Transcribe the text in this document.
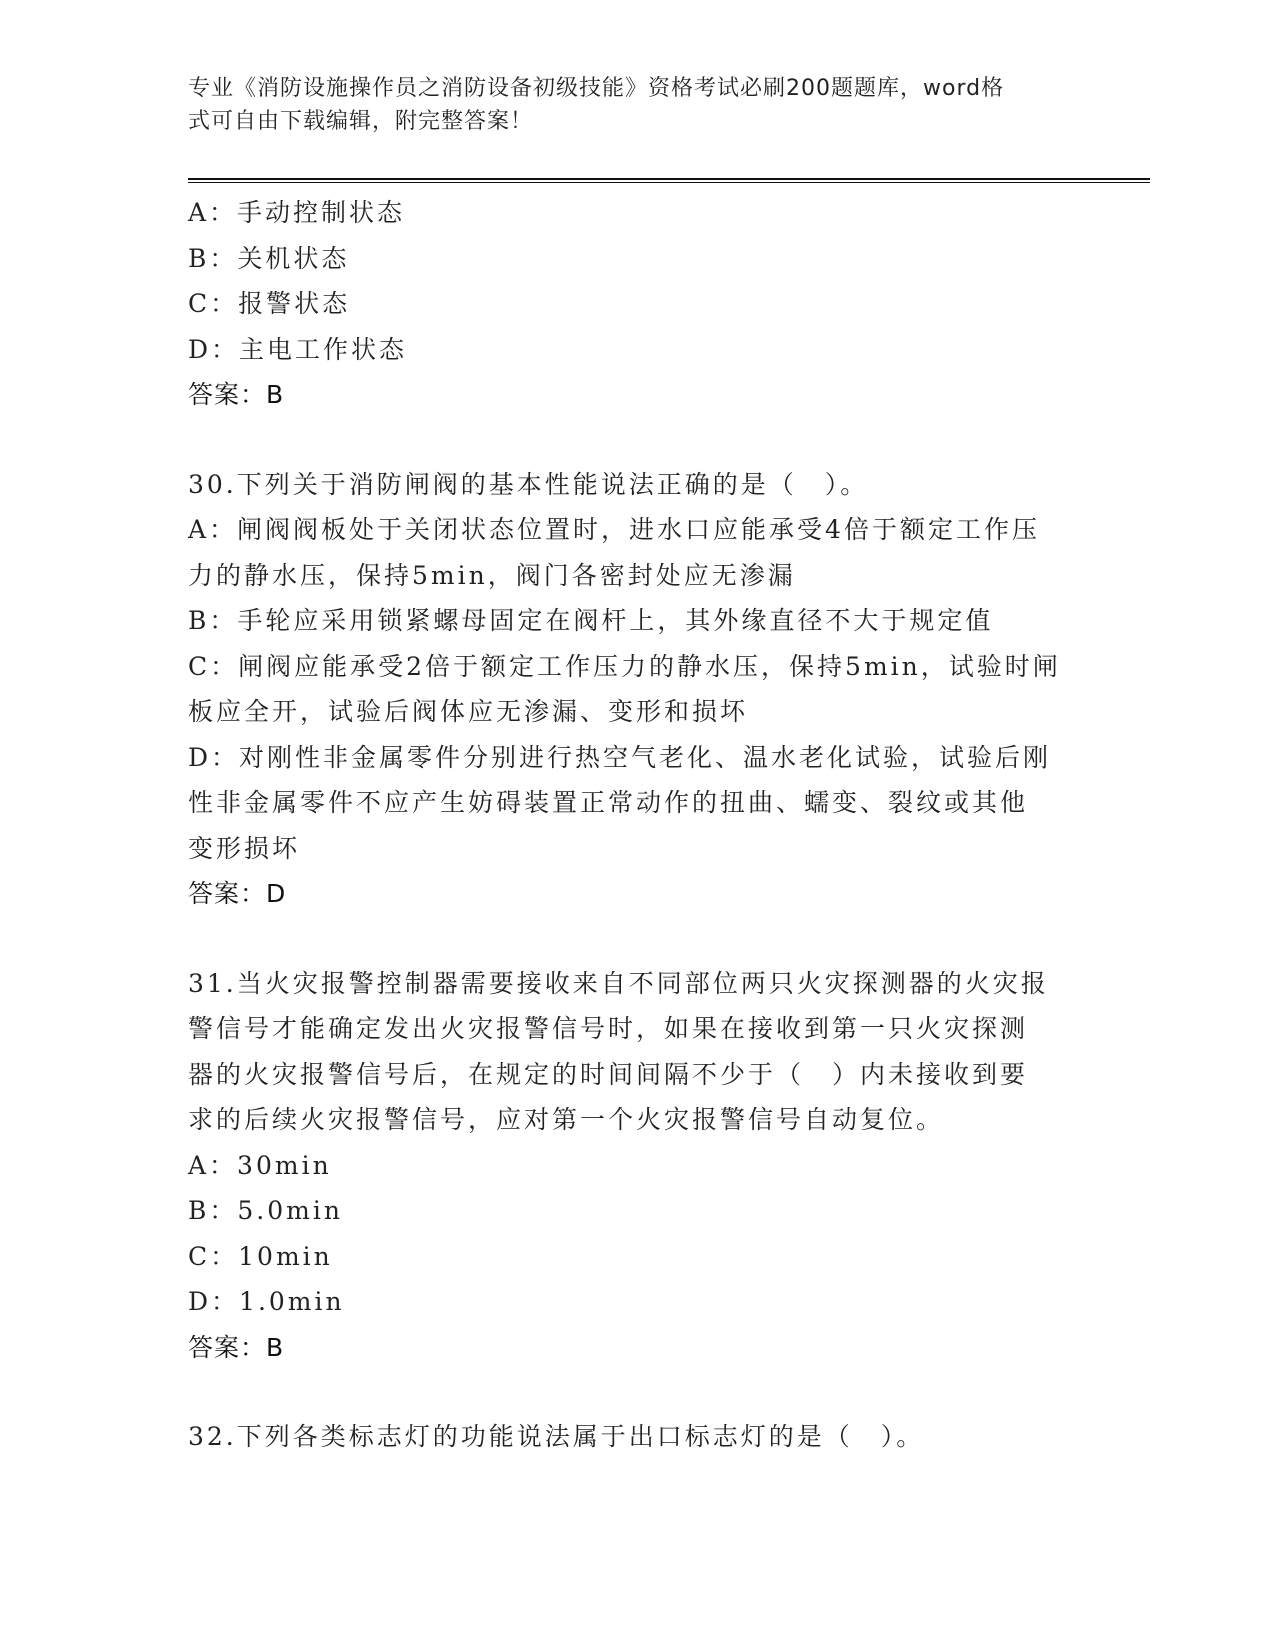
专业《消防设施操作员之消防设备初级技能》资格考试必刷200题题库，word格
式可自由下载编辑，附完整答案！
A：手动控制状态
B：关机状态
C：报警状态
D：主电工作状态
答案：B
30.下列关于消防闸阀的基本性能说法正确的是（　）。
A：闸阀阀板处于关闭状态位置时，进水口应能承受4倍于额定工作压
力的静水压，保持5min，阀门各密封处应无渗漏
B：手轮应采用锁紧螺母固定在阀杆上，其外缘直径不大于规定值
C：闸阀应能承受2倍于额定工作压力的静水压，保持5min，试验时闸
板应全开，试验后阀体应无渗漏、变形和损坏
D：对刚性非金属零件分别进行热空气老化、温水老化试验，试验后刚
性非金属零件不应产生妨碍装置正常动作的扭曲、蠕变、裂纹或其他
变形损坏
答案：D
31.当火灾报警控制器需要接收来自不同部位两只火灾探测器的火灾报
警信号才能确定发出火灾报警信号时，如果在接收到第一只火灾探测
器的火灾报警信号后，在规定的时间间隔不少于（　）内未接收到要
求的后续火灾报警信号，应对第一个火灾报警信号自动复位。
A：30min
B：5.0min
C：10min
D：1.0min
答案：B
32.下列各类标志灯的功能说法属于出口标志灯的是（　）。
